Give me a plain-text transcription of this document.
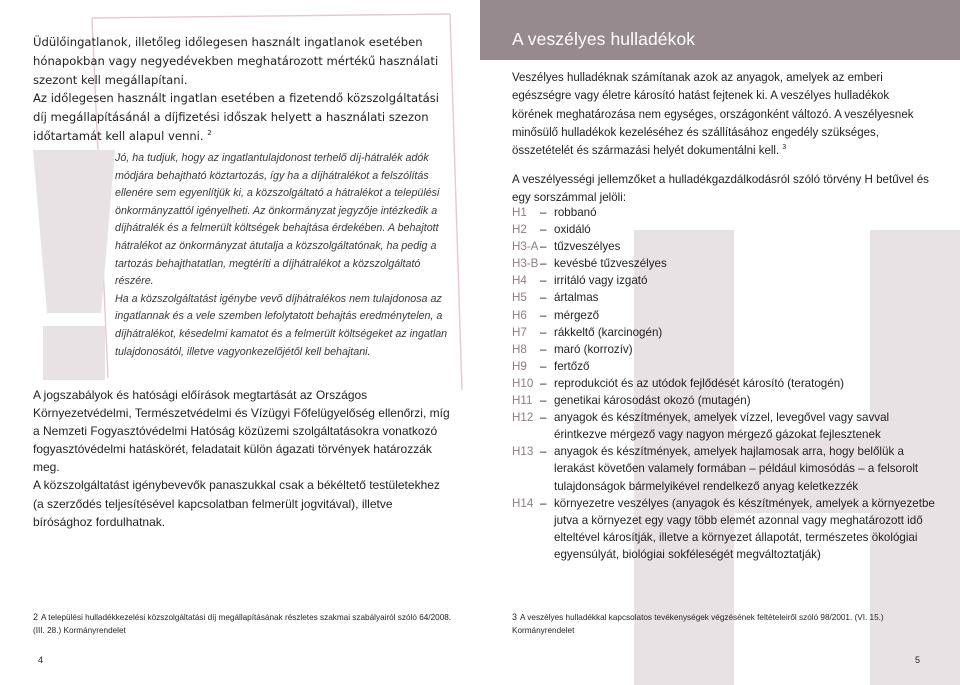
Üdülőingatlanok, illetőleg időlegesen használt ingatlanok esetében hónapokban vagy negyedévekben meghatározott mértékű használati szezont kell megállapítani.

Az időlegesen használt ingatlan esetében a fizetendő közszolgáltatási díj megállapításánál a díjfizetési időszak helyett a használati szezon időtartamát kell alapul venni. $^2$

Jó, ha tudjuk, hogy az ingatlantulajdonost terhelő díj-hátralék adók módjára behajtható köztartozás, így ha a díjhátralékot a felszólítás ellenére sem egyenlítjük ki, a közszolgáltató a hátralékot a települési önkormányzattól igényelheti. Az önkormányzat jegyzője intézkedik a díjhátralék és a felmerült költségek behajtása érdekében. A behajtott hátralékot az önkormányzat átutalja a közszolgáltatónak, ha pedig a tartozás behajthatatlan, megtéríti a díjhátralékot a közszolgáltató részére.

Ha a közszolgáltatást igénybe vevő díjhátralékos nem tulajdonosa az ingatlannak és a vele szemben lefolytatott behajtás eredménytelen, a díjhátralékot, késedelmi kamatot és a felmerült költségeket az ingatlan tulajdonosától, illetve vagyonkezelőjétől kell behajtani.

A jogszabályok és hatósági előírások megtartását az Országos Környezetvédelmi, Természetvédelmi és Vízügyi Főfelügyelőség ellenőrzi, míg a Nemzeti Fogyasztóvédelmi Hatóság közüzemi szolgáltatásokra vonatkozó fogyasztóvédelmi hatáskörét, feladatait külön ágazati törvények határozzák meg.

A közszolgáltatást igénybevevők panaszukkal csak a békéltető testületekhez (a szerződés teljesítésével kapcsolatban felmerült jogvitával), illetve bírósághoz fordulhatnak.

2 A települési hulladékkezelési közszolgáltatási díj megállapításának részletes szakmai szabályairól szóló 64/2008. (III. 28.) Kormányrendelet
4
A veszélyes hulladékok

Veszélyes hulladéknak számítanak azok az anyagok, amelyek az emberi egészségre vagy életre károsító hatást fejtenek ki. A veszélyes hulladékok körének meghatározása nem egységes, országonként változó. A veszélyesnek minősülő hulladékok kezeléséhez és szállításához engedély szükséges, összetételét és származási helyét dokumentálni kell. $^3$

A veszélyességi jellemzőket a hulladékgazdálkodásról szóló törvény H betűvel és egy sorszámmal jelöli:
H1	– robbanó
H2	– oxidáló
H3-A – tűzveszélyes
H3-B – kevésbé tűzveszélyes
H4	– irritáló vagy izgató
H5	– ártalmas
H6	– mérgező
H7	– rákkeltő (karcinogén)
H8	– maró (korrozív)
H9	– fertőző
H10 – reprodukciót és az utódok fejlődését károsító (teratogén)
H11 – genetikai károsodást okozó (mutagén)
H12 – anyagok és készítmények, amelyek vízzel, levegővel vagy savval érintkezve mérgező vagy nagyon mérgező gázokat fejlesztenek
H13 – anyagok és készítmények, amelyek hajlamosak arra, hogy belőlük a lerakást követően valamely formában – például kimosódás – a felsorolt tulajdonságok bármelyikével rendelkező anyag keletkezzék
H14 – környezetre veszélyes (anyagok és készítmények, amelyek a környezetbe jutva a környezet egy vagy több elemét azonnal vagy meghatározott idő elteltével károsítják, illetve a környezet állapotát, természetes ökológiai egyensúlyát, biológiai sokféleségét megváltoztatják)
3 A veszélyes hulladékkal kapcsolatos tevékenységek végzésének feltételeiről szóló 98/2001. (VI. 15.) Kormányrendelet
5
